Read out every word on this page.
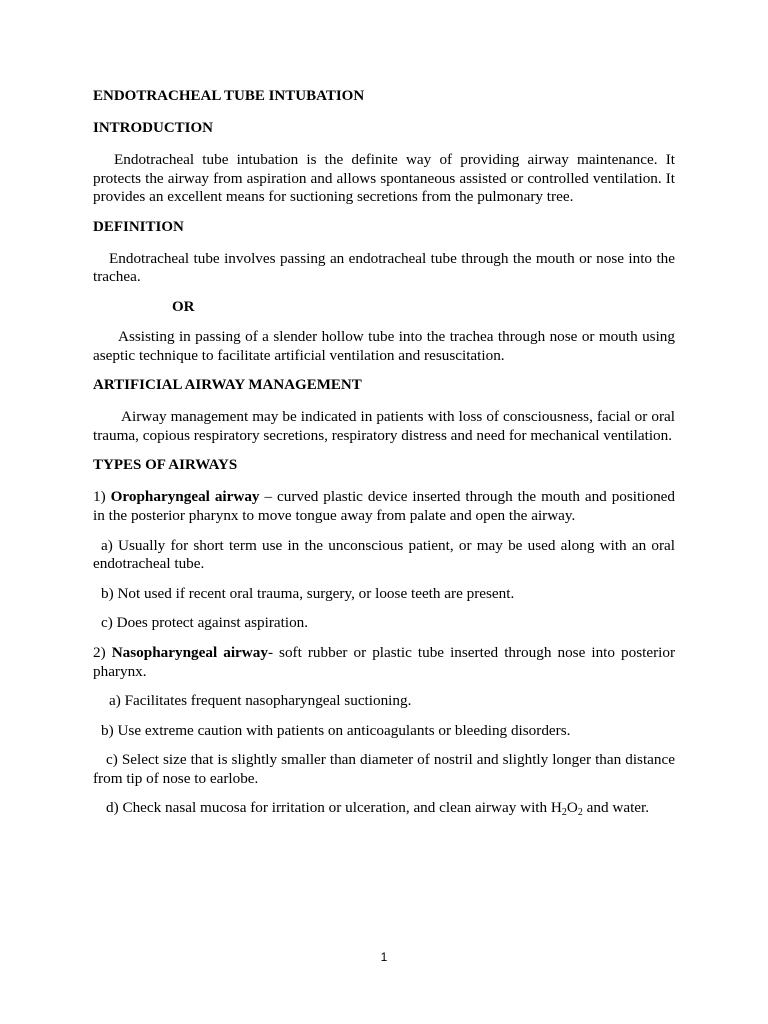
ENDOTRACHEAL TUBE INTUBATION
INTRODUCTION
Endotracheal tube intubation is the definite way of providing airway maintenance. It protects the airway from aspiration and allows spontaneous assisted or controlled ventilation. It provides an excellent means for suctioning secretions from the pulmonary tree.
DEFINITION
Endotracheal tube involves passing an endotracheal tube through the mouth or nose into the trachea.
OR
Assisting in passing of a slender hollow tube into the trachea through nose or mouth using aseptic technique to facilitate artificial ventilation and resuscitation.
ARTIFICIAL AIRWAY MANAGEMENT
Airway management may be indicated in patients with loss of consciousness, facial or oral trauma, copious respiratory secretions, respiratory distress and need for mechanical ventilation.
TYPES OF AIRWAYS
1) Oropharyngeal airway – curved plastic device inserted through the mouth and positioned in the posterior pharynx to move tongue away from palate and open the airway.
a) Usually for short term use in the unconscious patient, or may be used along with an oral endotracheal tube.
b) Not used if recent oral trauma, surgery, or loose teeth are present.
c) Does protect against aspiration.
2) Nasopharyngeal airway- soft rubber or plastic tube inserted through nose into posterior pharynx.
a) Facilitates frequent nasopharyngeal suctioning.
b) Use extreme caution with patients on anticoagulants or bleeding disorders.
c) Select size that is slightly smaller than diameter of nostril and slightly longer than distance from tip of nose to earlobe.
d) Check nasal mucosa for irritation or ulceration, and clean airway with $H_2O_2$ and water.
1
